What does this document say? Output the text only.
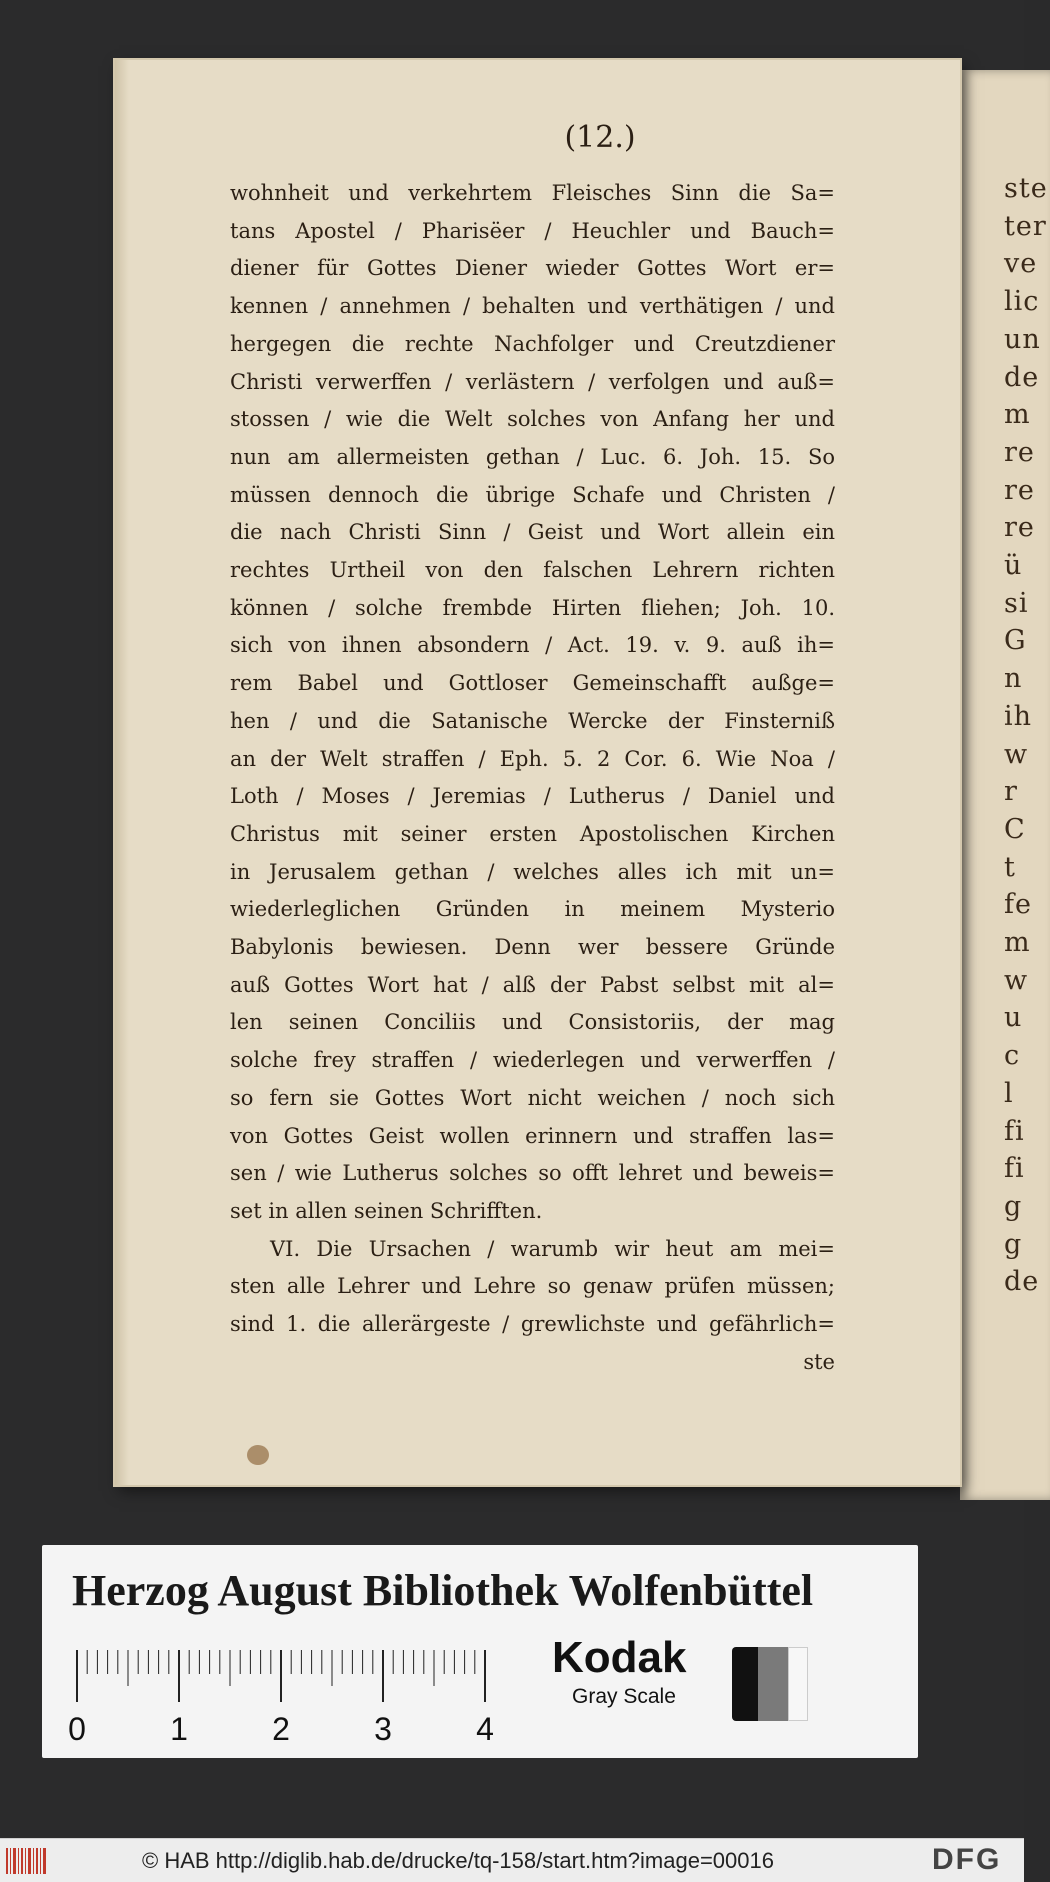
ste
ter
ve
lic
un
de
m
re
re
re
ü
si
G
n
ih
w
r
C
t
fe
m
w
u
c
l
fi
fi
g
g
de
(12.)
wohnheit und verkehrtem Fleisches Sinn die Sa=
tans Apostel / Pharisëer / Heuchler und Bauch=
diener für Gottes Diener wieder Gottes Wort er=
kennen / annehmen / behalten und verthätigen / und
hergegen die rechte Nachfolger und Creutzdiener
Christi verwerffen / verlästern / verfolgen und auß=
stossen / wie die Welt solches von Anfang her und
nun am allermeisten gethan / Luc. 6. Joh. 15. So
müssen dennoch die übrige Schafe und Christen /
die nach Christi Sinn / Geist und Wort allein ein
rechtes Urtheil von den falschen Lehrern richten
können / solche frembde Hirten fliehen; Joh. 10.
sich von ihnen absondern / Act. 19. v. 9. auß ih=
rem Babel und Gottloser Gemeinschafft außge=
hen / und die Satanische Wercke der Finsterniß
an der Welt straffen / Eph. 5. 2 Cor. 6. Wie Noa /
Loth / Moses / Jeremias / Lutherus / Daniel und
Christus mit seiner ersten Apostolischen Kirchen
in Jerusalem gethan / welches alles ich mit un=
wiederleglichen Gründen in meinem Mysterio
Babylonis bewiesen. Denn wer bessere Gründe
auß Gottes Wort hat / alß der Pabst selbst mit al=
len seinen Conciliis und Consistoriis, der mag
solche frey straffen / wiederlegen und verwerffen /
so fern sie Gottes Wort nicht weichen / noch sich
von Gottes Geist wollen erinnern und straffen las=
sen / wie Lutherus solches so offt lehret und beweis=
set in allen seinen Schrifften.
VI. Die Ursachen / warumb wir heut am mei=
sten alle Lehrer und Lehre so genaw prüfen müssen;
sind 1. die allerärgeste / grewlichste und gefährlich=
ste
Herzog August Bibliothek Wolfenbüttel
0	1	2	3	4
Kodak
Gray Scale
© HAB http://diglib.hab.de/drucke/tq-158/start.htm?image=00016	DFG
